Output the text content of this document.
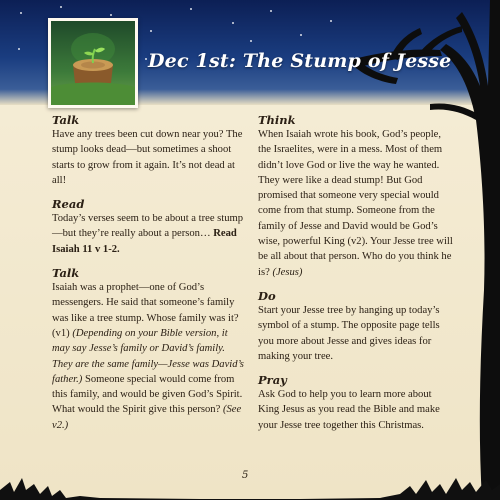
Dec 1st: The Stump of Jesse

Talk

Have any trees been cut down near you? The stump looks dead—but sometimes a shoot starts to grow from it again. It’s not dead at all!

Read

Today’s verses seem to be about a tree stump—but they’re really about a person… Read Isaiah 11 v 1-2.

Talk

Isaiah was a prophet—one of God’s messengers. He said that someone’s family was like a tree stump. Whose family was it? (v1) (Depending on your Bible version, it may say Jesse’s family or David’s family. They are the same family—Jesse was David’s father.) Someone special would come from this family, and would be given God’s Spirit. What would the Spirit give this person? (See v2.)

Think

When Isaiah wrote his book, God’s people, the Israelites, were in a mess. Most of them didn’t love God or live the way he wanted. They were like a dead stump! But God promised that someone very special would come from that stump. Someone from the family of Jesse and David would be God’s wise, powerful King (v2). Your Jesse tree will be all about that person. Who do you think he is? (Jesus)

Do

Start your Jesse tree by hanging up today’s symbol of a stump. The opposite page tells you more about Jesse and gives ideas for making your tree.

Pray

Ask God to help you to learn more about King Jesus as you read the Bible and make your Jesse tree together this Christmas.

5
